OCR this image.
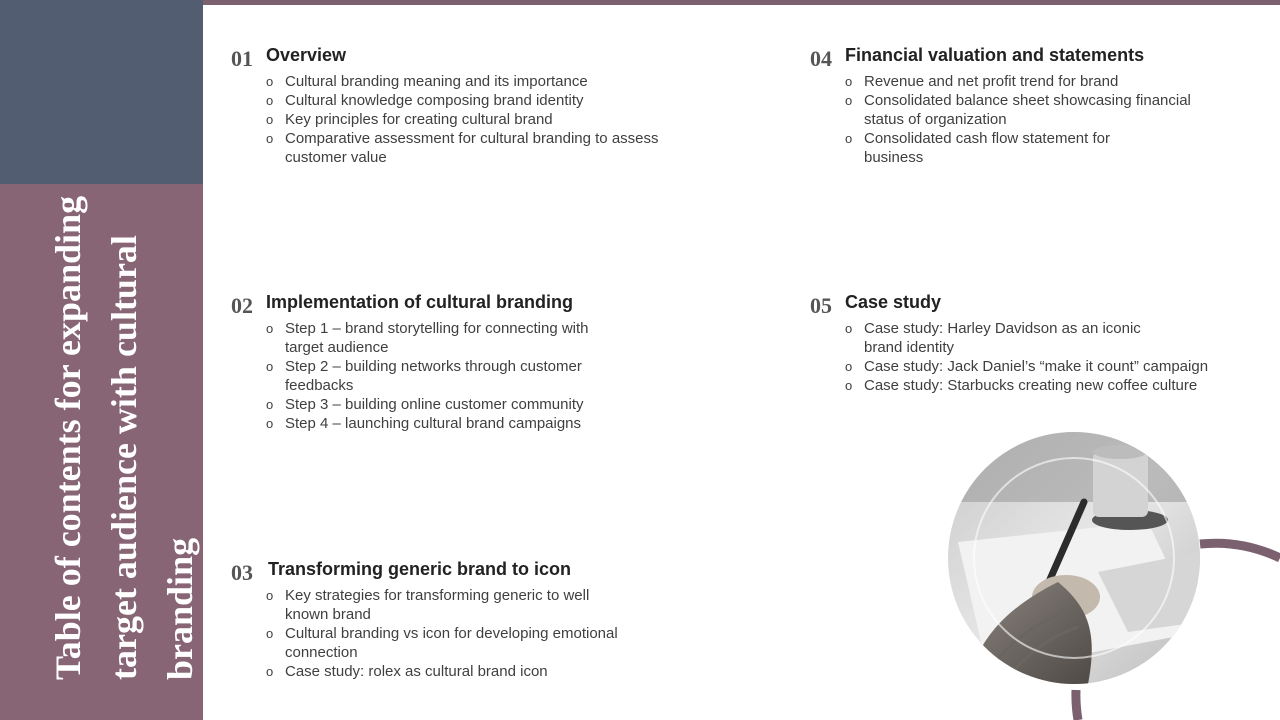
Table of contents for expanding target audience with cultural branding
01 Overview
o Cultural branding meaning and its importance
o Cultural knowledge composing brand identity
o Key principles for creating cultural brand
o Comparative assessment for cultural branding to assess customer value
02 Implementation of cultural branding
o Step 1 – brand storytelling for connecting with target audience
o Step 2 – building networks through customer feedbacks
o Step 3 – building online customer community
o Step 4 – launching cultural brand campaigns
03 Transforming generic brand to icon
o Key strategies for transforming generic to well known brand
o Cultural branding vs icon for developing emotional connection
o Case study: rolex as cultural brand icon
04 Financial valuation and statements
o Revenue and net profit trend for brand
o Consolidated balance sheet showcasing financial status of organization
o Consolidated cash flow statement for business
05 Case study
o Case study: Harley Davidson as an iconic brand identity
o Case study: Jack Daniel’s “make it count” campaign
o Case study: Starbucks creating new coffee culture
